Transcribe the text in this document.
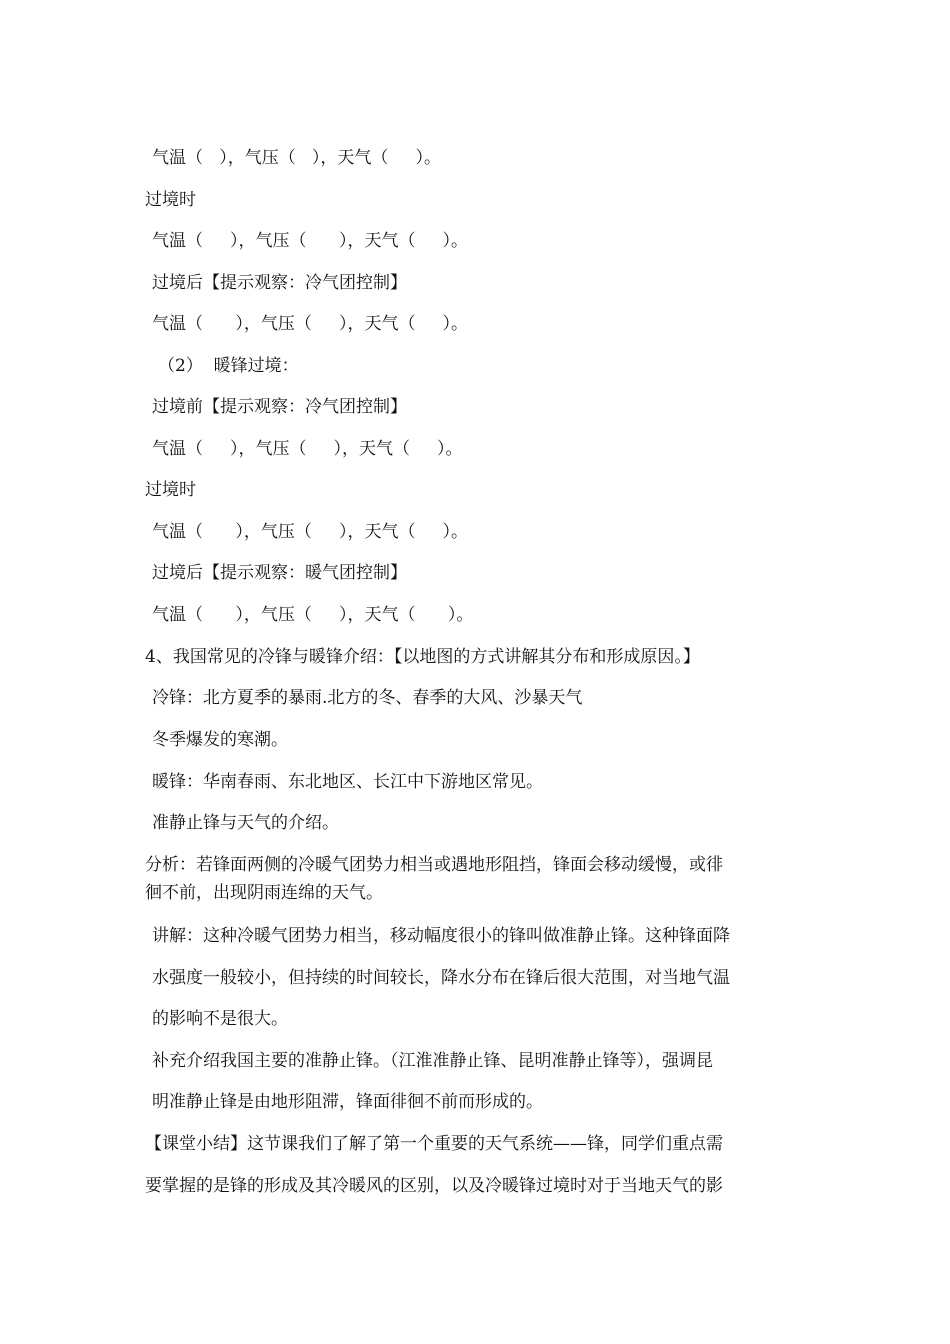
气温（   ），气压（   ），天气（     ）。
过境时
气温（     ），气压（      ），天气（     ）。
过境后【提示观察：冷气团控制】
气温（      ），气压（     ），天气（     ）。
（2）  暖锋过境：
过境前【提示观察：冷气团控制】
气温（     ），气压（     ），天气（     ）。
过境时
气温（      ），气压（     ），天气（     ）。
过境后【提示观察：暖气团控制】
气温（      ），气压（     ），天气（      ）。
4、我国常见的冷锋与暖锋介绍：【以地图的方式讲解其分布和形成原因。】
冷锋：北方夏季的暴雨.北方的冬、春季的大风、沙暴天气
冬季爆发的寒潮。
暖锋：华南春雨、东北地区、长江中下游地区常见。
准静止锋与天气的介绍。
分析：若锋面两侧的冷暖气团势力相当或遇地形阻挡，锋面会移动缓慢，或徘
徊不前，出现阴雨连绵的天气。
讲解：这种冷暖气团势力相当，移动幅度很小的锋叫做准静止锋。这种锋面降
水强度一般较小，但持续的时间较长，降水分布在锋后很大范围，对当地气温
的影响不是很大。
补充介绍我国主要的准静止锋。（江淮准静止锋、昆明准静止锋等），强调昆
明准静止锋是由地形阻滞，锋面徘徊不前而形成的。
【课堂小结】这节课我们了解了第一个重要的天气系统——锋，同学们重点需
要掌握的是锋的形成及其冷暖风的区别，以及冷暖锋过境时对于当地天气的影
